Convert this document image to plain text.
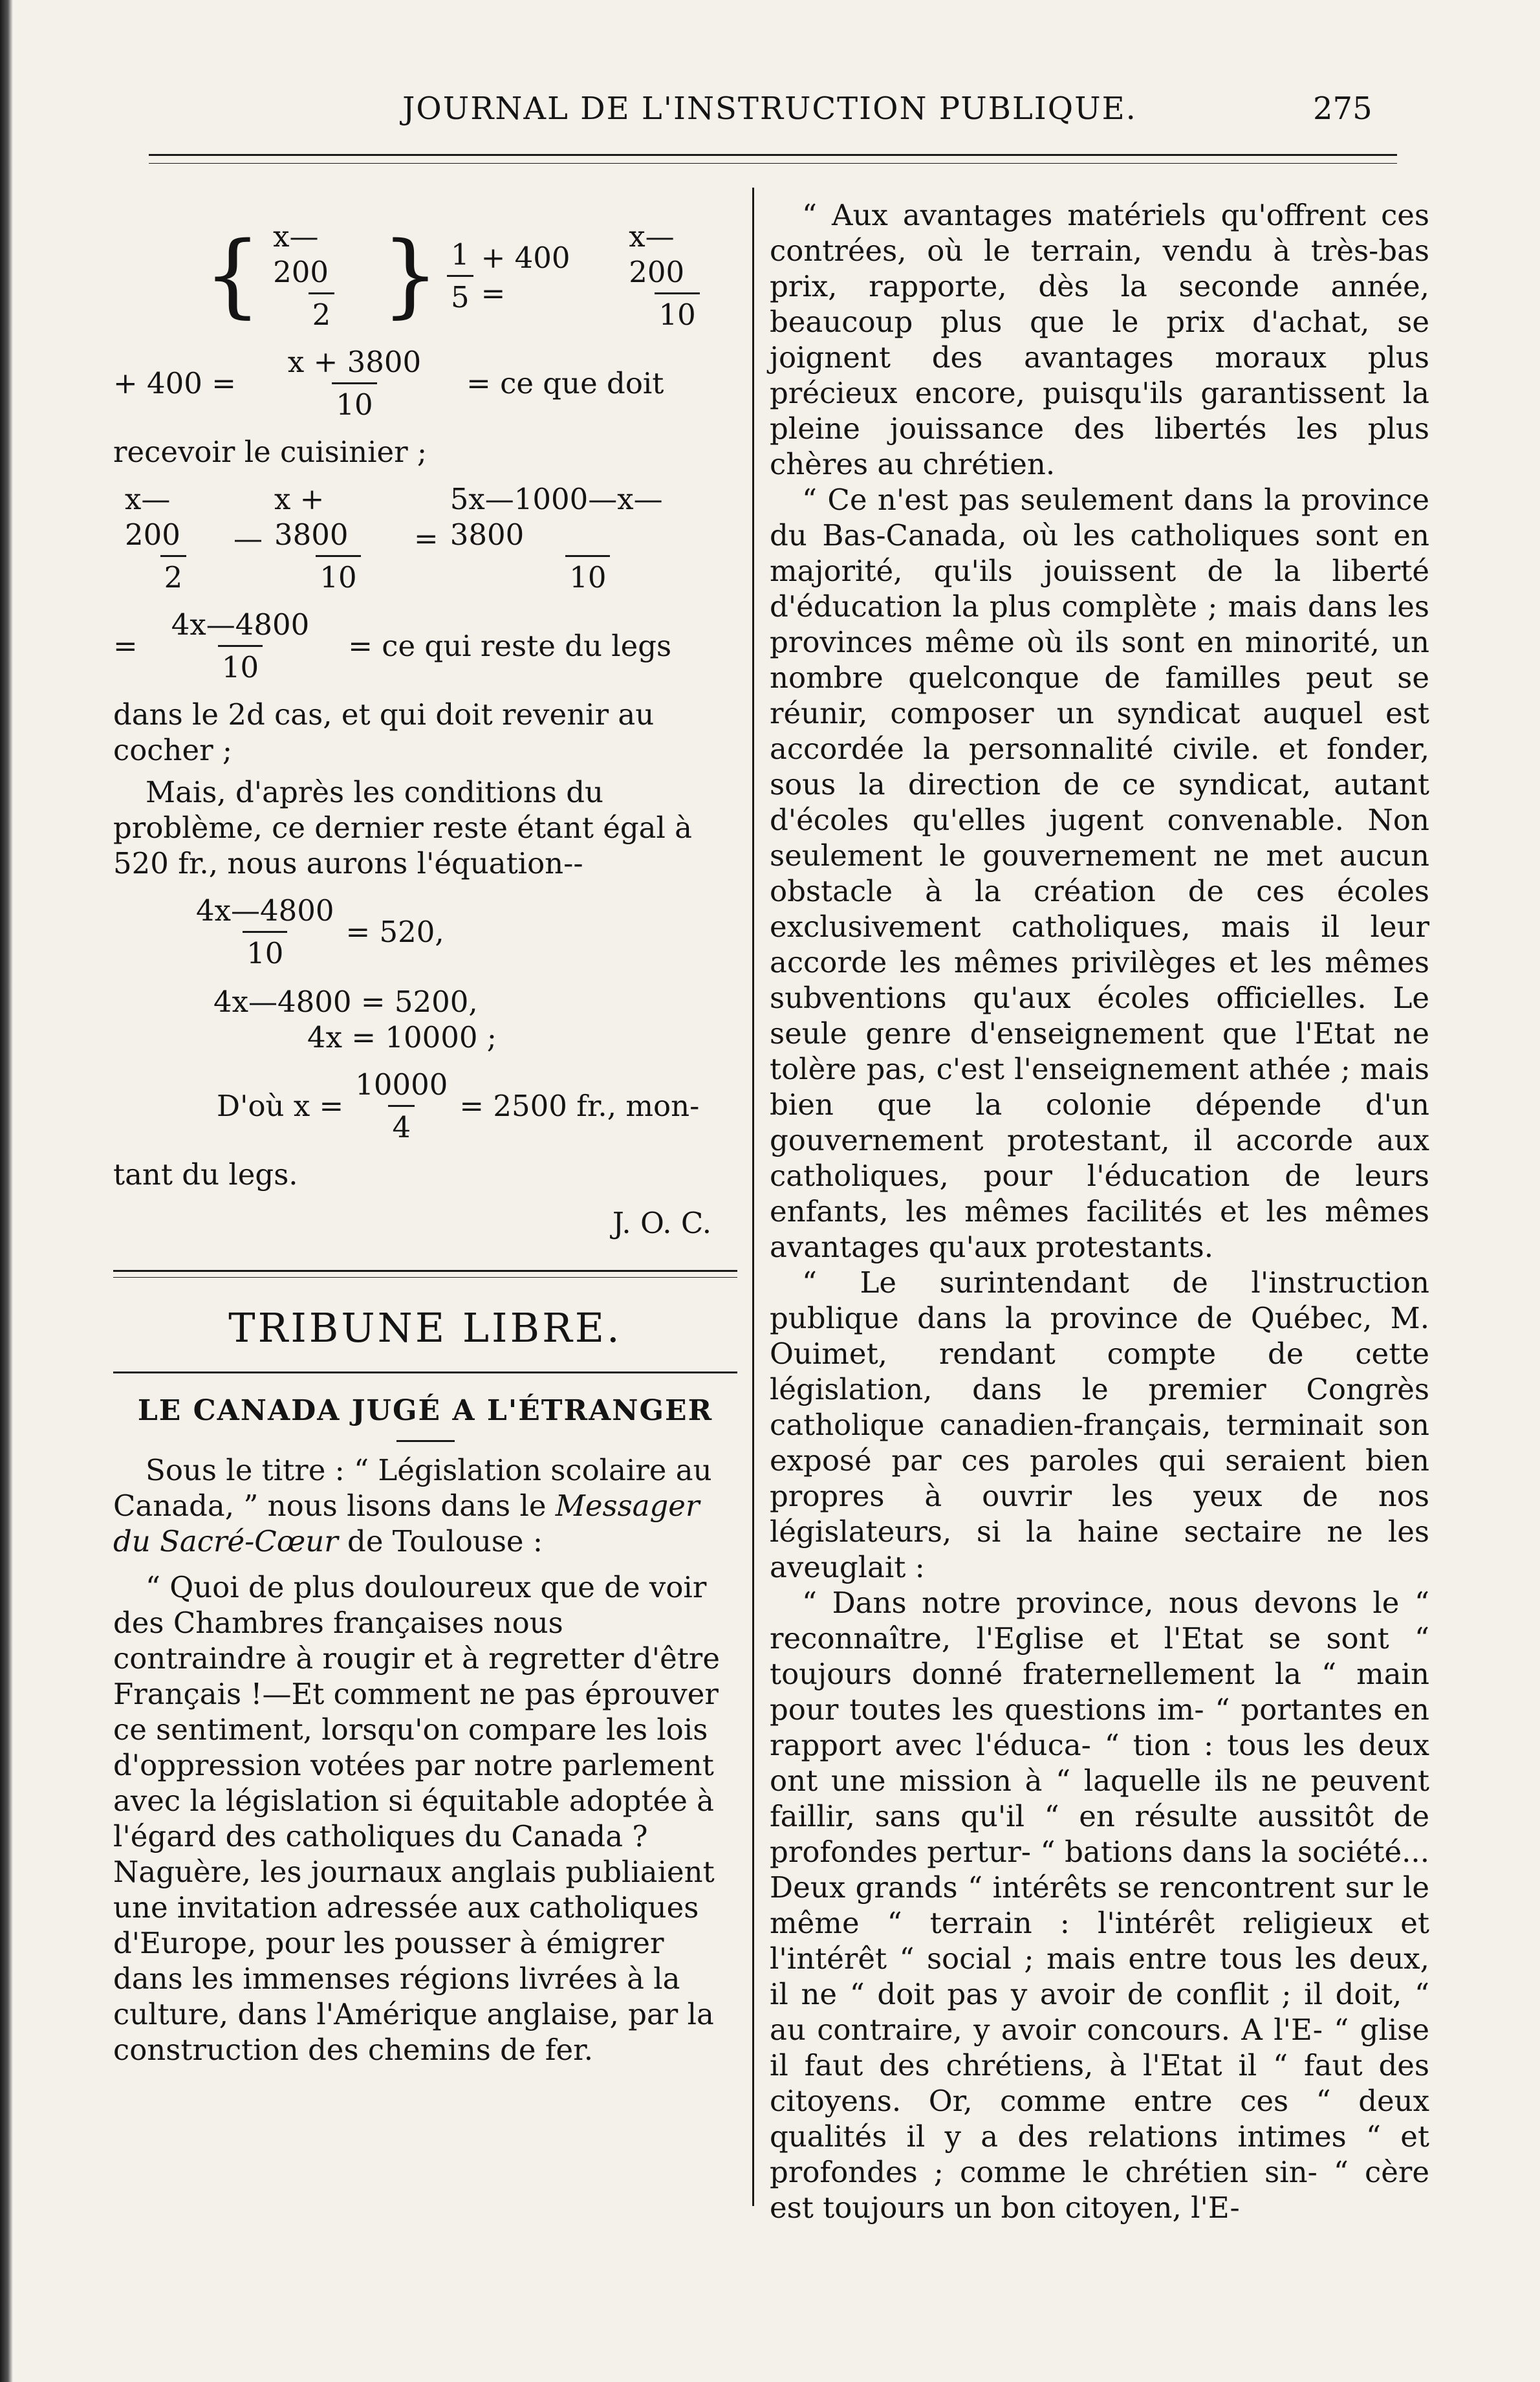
JOURNAL DE L'INSTRUCTION PUBLIQUE.	275
{ $\frac{x—200}{2}$ } $\frac{1}{5} + 400$ =	$\frac{x—200}{10}$
+ $400 = \frac{x + 3800}{10}$ = ce que doit

recevoir le cuisinier ;

$\frac{x—200}{2}$ — $\frac{x + 3800}{10} = \frac{5x—1000—x—3800}{10}$
= $\frac{4x—4800}{10}$ = ce qui reste du legs

dans le 2d cas, et qui doit revenir au cocher ;

Mais, d'après les conditions du problème, ce dernier reste étant égal à 520 fr., nous aurons l'équation--

$\frac{4x—4800}{10} = 520$,

4x—4800 = 5200,

4x = 10000 ;

D'où $x = \frac{10000}{4} = 2500$ fr., mon-

tant du legs.

J. O. C.

TRIBUNE LIBRE.
LE CANADA JUGÉ A L'ÉTRANGER

Sous le titre : “ Législation scolaire au Canada, ” nous lisons dans le Messager du Sacré-Cœur de Toulouse :

“ Quoi de plus douloureux que de voir des Chambres françaises nous contraindre à rougir et à regretter d'être Français !—Et comment ne pas éprouver ce sentiment, lorsqu'on compare les lois d'oppression votées par notre parlement avec la législation si équitable adoptée à l'égard des catholiques du Canada ? Naguère, les journaux anglais publiaient une invitation adressée aux catholiques d'Europe, pour les pousser à émigrer dans les immenses régions livrées à la culture, dans l'Amérique anglaise, par la construction des chemins de fer.

“ Aux avantages matériels qu'offrent ces contrées, où le terrain, vendu à très-bas prix, rapporte, dès la seconde année, beaucoup plus que le prix d'achat, se joignent des avantages moraux plus précieux encore, puisqu'ils garantissent la pleine jouissance des libertés les plus chères au chrétien.

“ Ce n'est pas seulement dans la province du Bas-Canada, où les catholiques sont en majorité, qu'ils jouissent de la liberté d'éducation la plus complète ; mais dans les provinces même où ils sont en minorité, un nombre quelconque de familles peut se réunir, composer un syndicat auquel est accordée la personnalité civile. et fonder, sous la direction de ce syndicat, autant d'écoles qu'elles jugent convenable. Non seulement le gouvernement ne met aucun obstacle à la création de ces écoles exclusivement catholiques, mais il leur accorde les mêmes privilèges et les mêmes subventions qu'aux écoles officielles. Le seule genre d'enseignement que l'Etat ne tolère pas, c'est l'enseignement athée ; mais bien que la colonie dépende d'un gouvernement protestant, il accorde aux catholiques, pour l'éducation de leurs enfants, les mêmes facilités et les mêmes avantages qu'aux protestants.

“ Le surintendant de l'instruction publique dans la province de Québec, M. Ouimet, rendant compte de cette législation, dans le premier Congrès catholique canadien-français, terminait son exposé par ces paroles qui seraient bien propres à ouvrir les yeux de nos législateurs, si la haine sectaire ne les aveuglait :

“ Dans notre province, nous devons le “ reconnaître, l'Eglise et l'Etat se sont “ toujours donné fraternellement la “ main pour toutes les questions im- “ portantes en rapport avec l'éduca- “ tion : tous les deux ont une mission à “ laquelle ils ne peuvent faillir, sans qu'il “ en résulte aussitôt de profondes pertur- “ bations dans la société... Deux grands “ intérêts se rencontrent sur le même “ terrain : l'intérêt religieux et l'intérêt “ social ; mais entre tous les deux, il ne “ doit pas y avoir de conflit ; il doit, “ au contraire, y avoir concours. A l'E- “ glise il faut des chrétiens, à l'Etat il “ faut des citoyens. Or, comme entre ces “ deux qualités il y a des relations intimes “ et profondes ; comme le chrétien sin- “ cère est toujours un bon citoyen, l'E-
